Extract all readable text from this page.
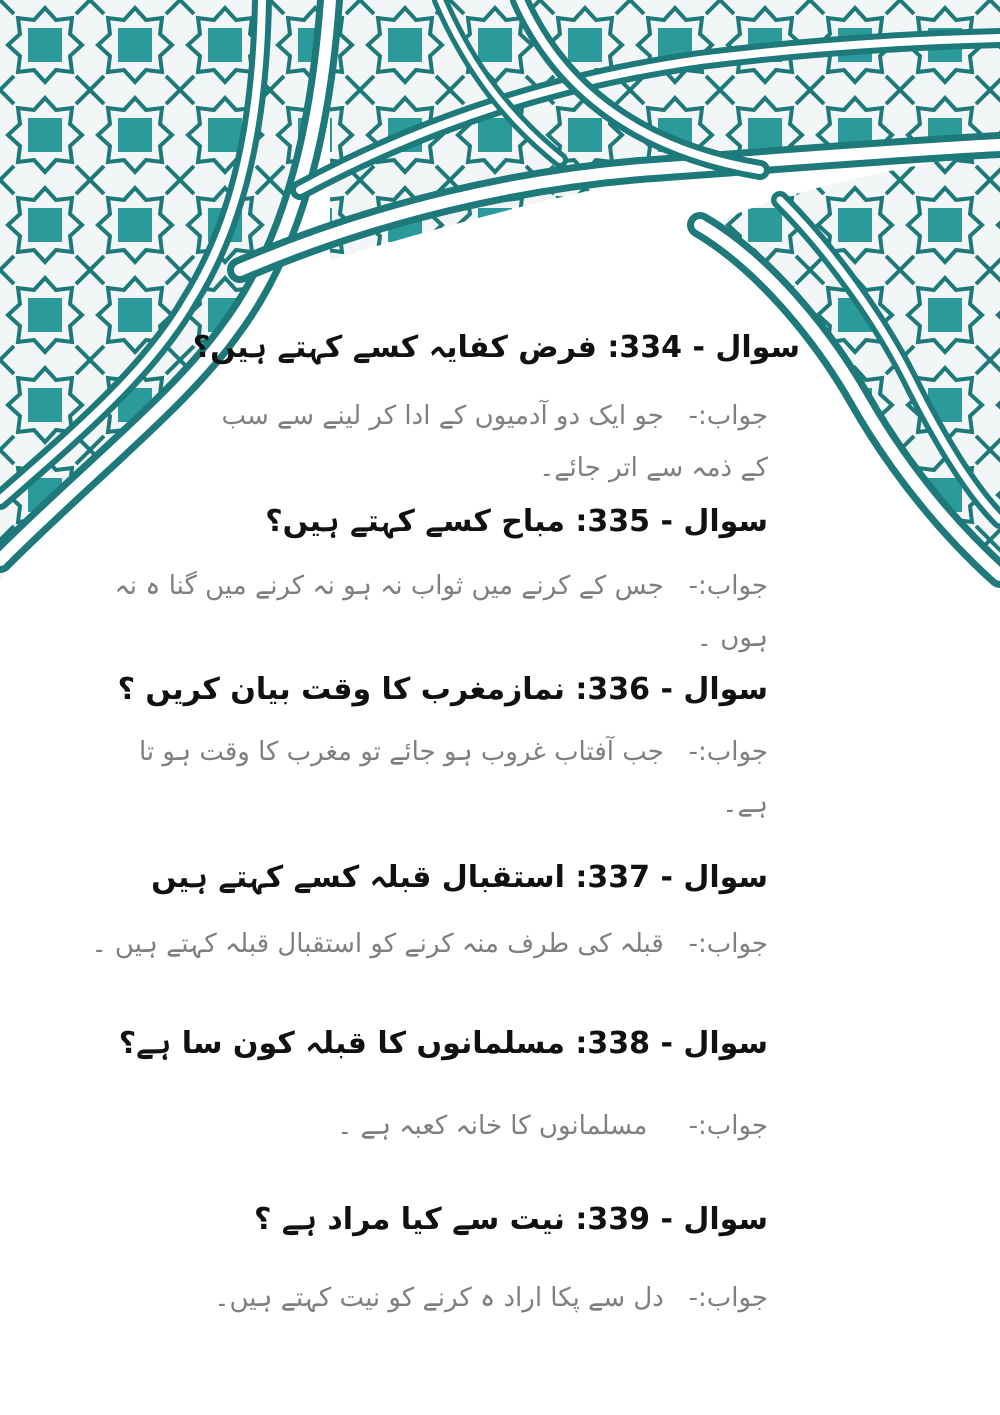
سوال - 334: فرض کفایہ کسے کہتے ہیں؟
جواب:-   جو ایک دو آدمیوں کے ادا کر لینے سے سب کے ذمہ سے اتر جائے۔
سوال - 335: مباح کسے کہتے ہیں؟
جواب:-   جس کے کرنے میں ثواب نہ ہو نہ کرنے میں گنا ہ نہ ہوں ۔
سوال - 336: نمازمغرب کا وقت بیان کریں ؟
جواب:-   جب آفتاب غروب ہو جائے تو مغرب کا وقت ہو تا ہے۔
سوال - 337: استقبال قبلہ کسے کہتے ہیں
جواب:-   قبلہ کی طرف منہ کرنے کو استقبال قبلہ کہتے ہیں ۔
سوال - 338: مسلمانوں کا قبلہ کون سا ہے؟
جواب:-     مسلمانوں کا خانہ کعبہ ہے ۔
سوال - 339: نیت سے کیا مراد ہے ؟
جواب:-   دل سے پکا اراد ہ کرنے کو نیت کہتے ہیں۔
